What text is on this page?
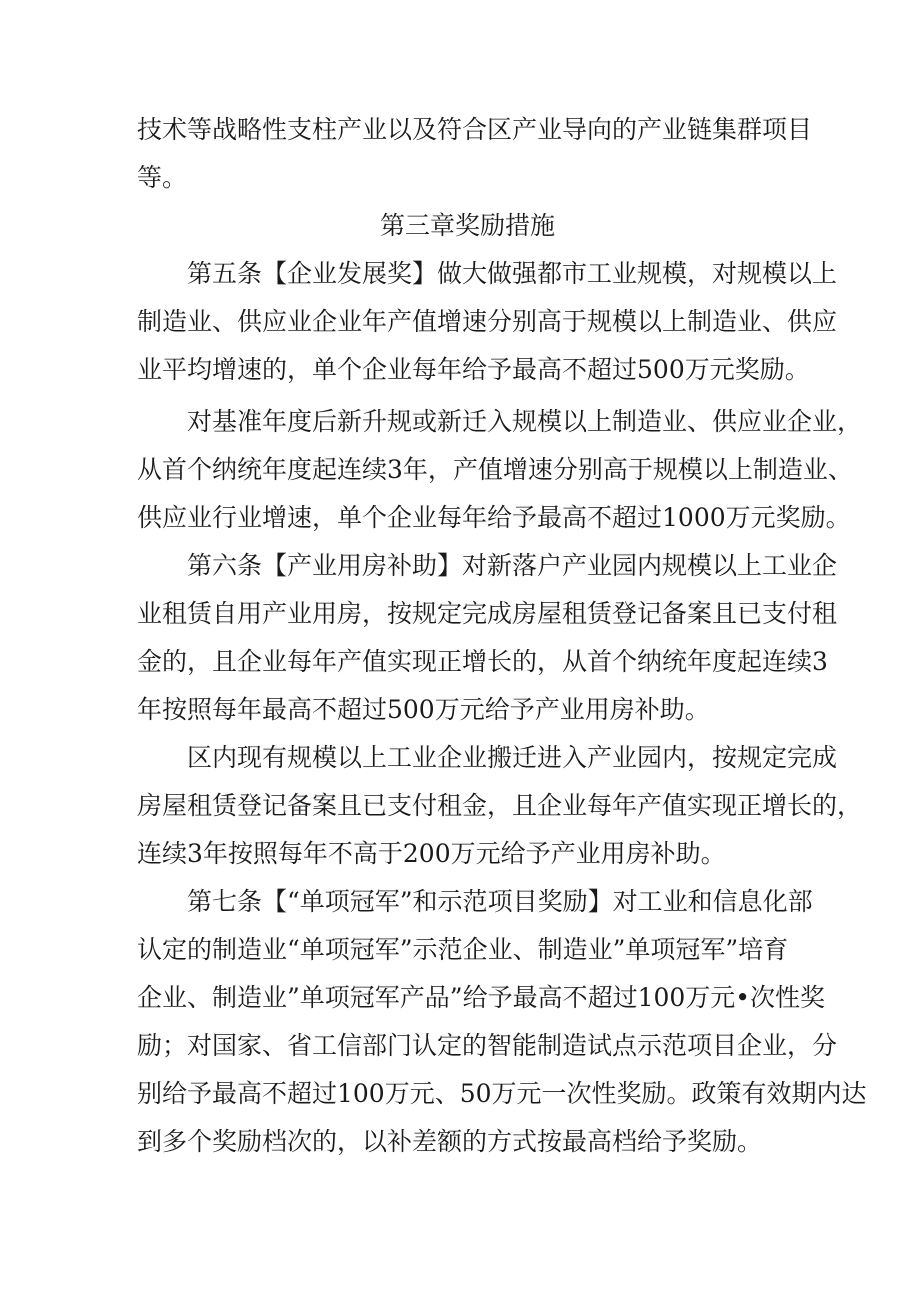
技术等战略性支柱产业以及符合区产业导向的产业链集群项目
等。
第三章奖励措施
第五条【企业发展奖】做大做强都市工业规模，对规模以上
制造业、供应业企业年产值增速分别高于规模以上制造业、供应
业平均增速的，单个企业每年给予最高不超过500万元奖励。
对基准年度后新升规或新迁入规模以上制造业、供应业企业，
从首个纳统年度起连续3年，产值增速分别高于规模以上制造业、
供应业行业增速，单个企业每年给予最高不超过1000万元奖励。
第六条【产业用房补助】对新落户产业园内规模以上工业企
业租赁自用产业用房，按规定完成房屋租赁登记备案且已支付租
金的，且企业每年产值实现正增长的，从首个纳统年度起连续3
年按照每年最高不超过500万元给予产业用房补助。
区内现有规模以上工业企业搬迁进入产业园内，按规定完成
房屋租赁登记备案且已支付租金，且企业每年产值实现正增长的，
连续3年按照每年不高于200万元给予产业用房补助。
第七条【“单项冠军”和示范项目奖励】对工业和信息化部
认定的制造业“单项冠军”示范企业、制造业”单项冠军”培育
企业、制造业”单项冠军产品”给予最高不超过100万元•次性奖
励；对国家、省工信部门认定的智能制造试点示范项目企业，分
别给予最高不超过100万元、50万元一次性奖励。政策有效期内达
到多个奖励档次的，以补差额的方式按最高档给予奖励。
